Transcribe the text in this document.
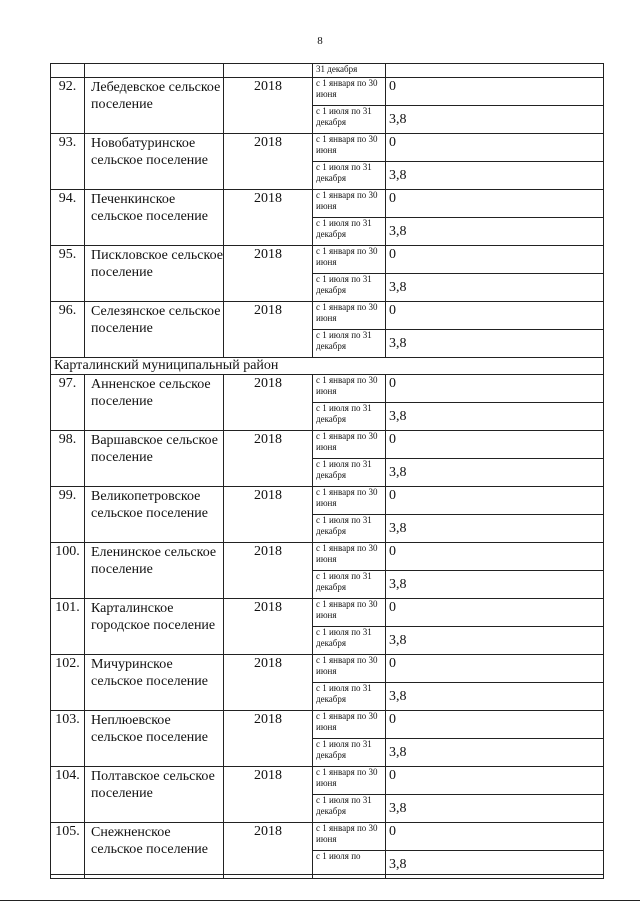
8
			31 декабря	
92.	Лебедевское сельское поселение	2018	с 1 января по 30 июня	0
			с 1 июля по 31 декабря	3,8
93.	Новобатуринское сельское поселение	2018	с 1 января по 30 июня	0
			с 1 июля по 31 декабря	3,8
94.	Печенкинское сельское поселение	2018	с 1 января по 30 июня	0
			с 1 июля по 31 декабря	3,8
95.	Пискловское сельское поселение	2018	с 1 января по 30 июня	0
			с 1 июля по 31 декабря	3,8
96.	Селезянское сельское поселение	2018	с 1 января по 30 июня	0
			с 1 июля по 31 декабря	3,8
Карталинский муниципальный район				
97.	Анненское сельское поселение	2018	с 1 января по 30 июня	0
			с 1 июля по 31 декабря	3,8
98.	Варшавское сельское поселение	2018	с 1 января по 30 июня	0
			с 1 июля по 31 декабря	3,8
99.	Великопетровское сельское поселение	2018	с 1 января по 30 июня	0
			с 1 июля по 31 декабря	3,8
100.	Еленинское сельское поселение	2018	с 1 января по 30 июня	0
			с 1 июля по 31 декабря	3,8
101.	Карталинское городское поселение	2018	с 1 января по 30 июня	0
			с 1 июля по 31 декабря	3,8
102.	Мичуринское сельское поселение	2018	с 1 января по 30 июня	0
			с 1 июля по 31 декабря	3,8
103.	Неплюевское сельское поселение	2018	с 1 января по 30 июня	0
			с 1 июля по 31 декабря	3,8
104.	Полтавское сельское поселение	2018	с 1 января по 30 июня	0
			с 1 июля по 31 декабря	3,8
105.	Снежненское сельское поселение	2018	с 1 января по 30 июня	0
			с 1 июля по	3,8
